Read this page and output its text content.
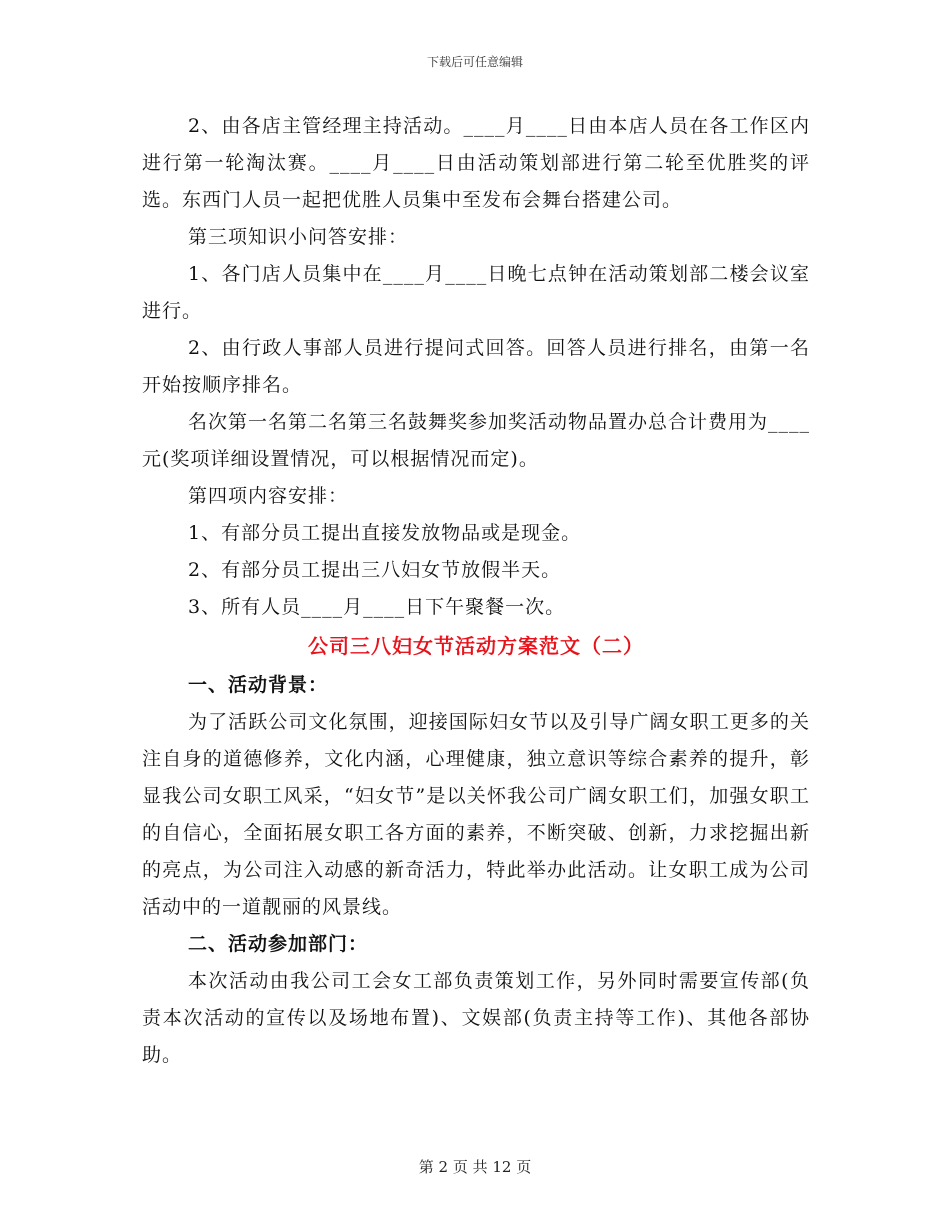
下载后可任意编辑

2、由各店主管经理主持活动。____月____日由本店人员在各工作区内进行第一轮淘汰赛。____月____日由活动策划部进行第二轮至优胜奖的评选。东西门人员一起把优胜人员集中至发布会舞台搭建公司。

第三项知识小问答安排：

1、各门店人员集中在____月____日晚七点钟在活动策划部二楼会议室进行。

2、由行政人事部人员进行提问式回答。回答人员进行排名，由第一名开始按顺序排名。

名次第一名第二名第三名鼓舞奖参加奖活动物品置办总合计费用为____元(奖项详细设置情况，可以根据情况而定)。

第四项内容安排：

1、有部分员工提出直接发放物品或是现金。

2、有部分员工提出三八妇女节放假半天。

3、所有人员____月____日下午聚餐一次。

公司三八妇女节活动方案范文（二）

一、活动背景：

为了活跃公司文化氛围，迎接国际妇女节以及引导广阔女职工更多的关注自身的道德修养，文化内涵，心理健康，独立意识等综合素养的提升，彰显我公司女职工风采，“妇女节”是以关怀我公司广阔女职工们，加强女职工的自信心，全面拓展女职工各方面的素养，不断突破、创新，力求挖掘出新的亮点，为公司注入动感的新奇活力，特此举办此活动。让女职工成为公司活动中的一道靓丽的风景线。

二、活动参加部门：

本次活动由我公司工会女工部负责策划工作，另外同时需要宣传部(负责本次活动的宣传以及场地布置)、文娱部(负责主持等工作)、其他各部协助。

第 2 页 共 12 页
